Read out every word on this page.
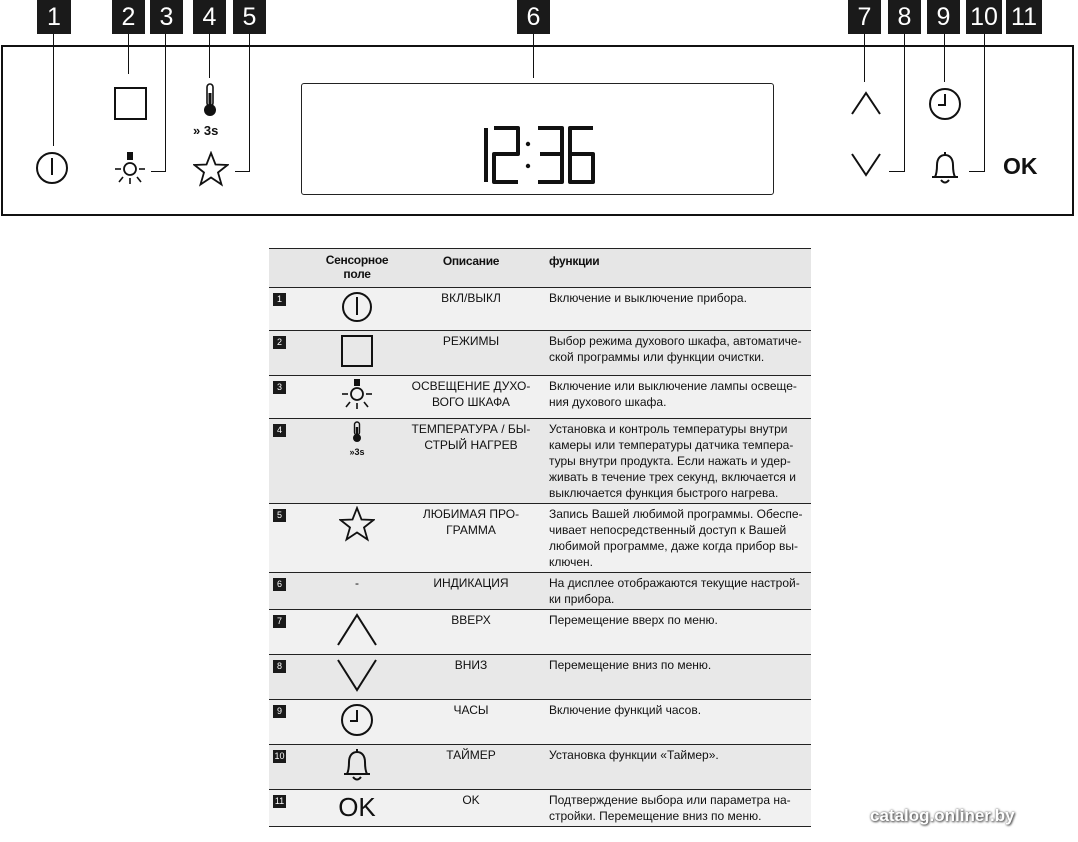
1	2 3	4	5	6	7	8	9 10 11
» 3s
OK
	Сенсорное поле	Описание	функции
1		ВКЛ/ВЫКЛ	Включение и выключение прибора.
2		РЕЖИМЫ	Выбор режима духового шкафа, автоматиче-ской программы или функции очистки.
3		ОСВЕЩЕНИЕ ДУХО-ВОГО ШКАФА	Включение или выключение лампы освеще-ния духового шкафа.
4	»3s	ТЕМПЕРАТУРА / БЫ-СТРЫЙ НАГРЕВ	Установка и контроль температуры внутри камеры или температуры датчика темпера-туры внутри продукта. Если нажать и удер-живать в течение трех секунд, включается и выключается функция быстрого нагрева.
5		ЛЮБИМАЯ ПРО-ГРАММА	Запись Вашей любимой программы. Обеспе-чивает непосредственный доступ к Вашей любимой программе, даже когда прибор вы-ключен.
6	-	ИНДИКАЦИЯ	На дисплее отображаются текущие настрой-ки прибора.
7		ВВЕРХ	Перемещение вверх по меню.
8		ВНИЗ	Перемещение вниз по меню.
9		ЧАСЫ	Включение функций часов.
10		ТАЙМЕР	Установка функции «Таймер».
11	OK	OK	Подтверждение выбора или параметра на-стройки. Перемещение вниз по меню.	catalog.onliner.by
